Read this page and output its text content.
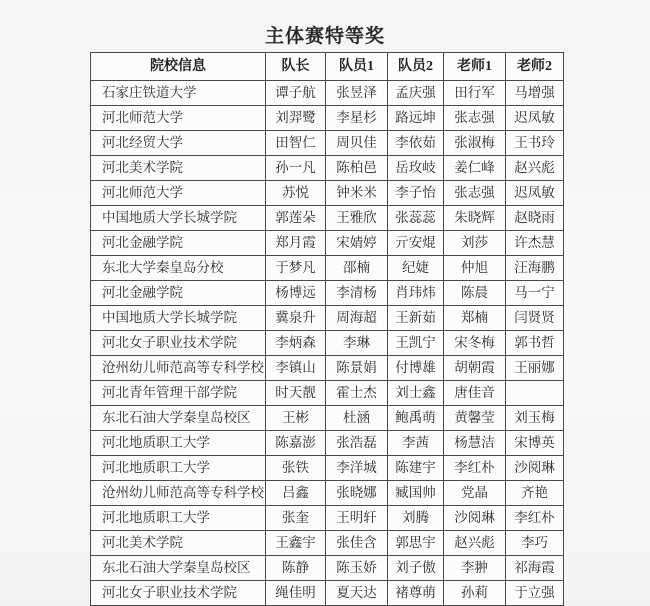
主体赛特等奖
院校信息	队长	队员1	队员2	老师1	老师2
石家庄铁道大学	谭子航	张昱泽	孟庆强	田行军	马增强
河北师范大学	刘羿鹭	李星杉	路远坤	张志强	迟凤敏
河北经贸大学	田智仁	周贝佳	李依茹	张淑梅	王书玲
河北美术学院	孙一凡	陈柏邑	岳玫岐	姜仁峰	赵兴彪
河北师范大学	苏悦	钟米米	李子怡	张志强	迟凤敏
中国地质大学长城学院	郭莲朵	王雅欣	张蕊蕊	朱晓辉	赵晓雨
河北金融学院	郑月霞	宋婧婷	亓安焜	刘莎	许杰慧
东北大学秦皇岛分校	于梦凡	邵楠	纪婕	仲旭	汪海鹏
河北金融学院	杨博远	李清杨	肖玮炜	陈晨	马一宁
中国地质大学长城学院	冀泉升	周海超	王新茹	郑楠	闫贤贤
河北女子职业技术学院	李炳森	李琳	王凯宁	宋冬梅	郭书哲
沧州幼儿师范高等专科学校	李镇山	陈景娟	付博雄	胡朝霞	王丽娜
河北青年管理干部学院	时天靓	霍士杰	刘士鑫	唐佳音	
东北石油大学秦皇岛校区	王彬	杜涵	鲍禹萌	黄馨莹	刘玉梅
河北地质职工大学	陈嘉澎	张浩磊	李茜	杨慧洁	宋博英
河北地质职工大学	张铁	李洋城	陈建宇	李红朴	沙阅琳
沧州幼儿师范高等专科学校	吕鑫	张晓娜	臧国帅	党晶	齐艳
河北地质职工大学	张奎	王明轩	刘腾	沙阅琳	李红朴
河北美术学院	王鑫宇	张佳含	郭思宇	赵兴彪	李巧
东北石油大学秦皇岛校区	陈静	陈玉娇	刘子傲	李翀	祁海霞
河北女子职业技术学院	绳佳明	夏天达	褚尊萌	孙莉	于立强
